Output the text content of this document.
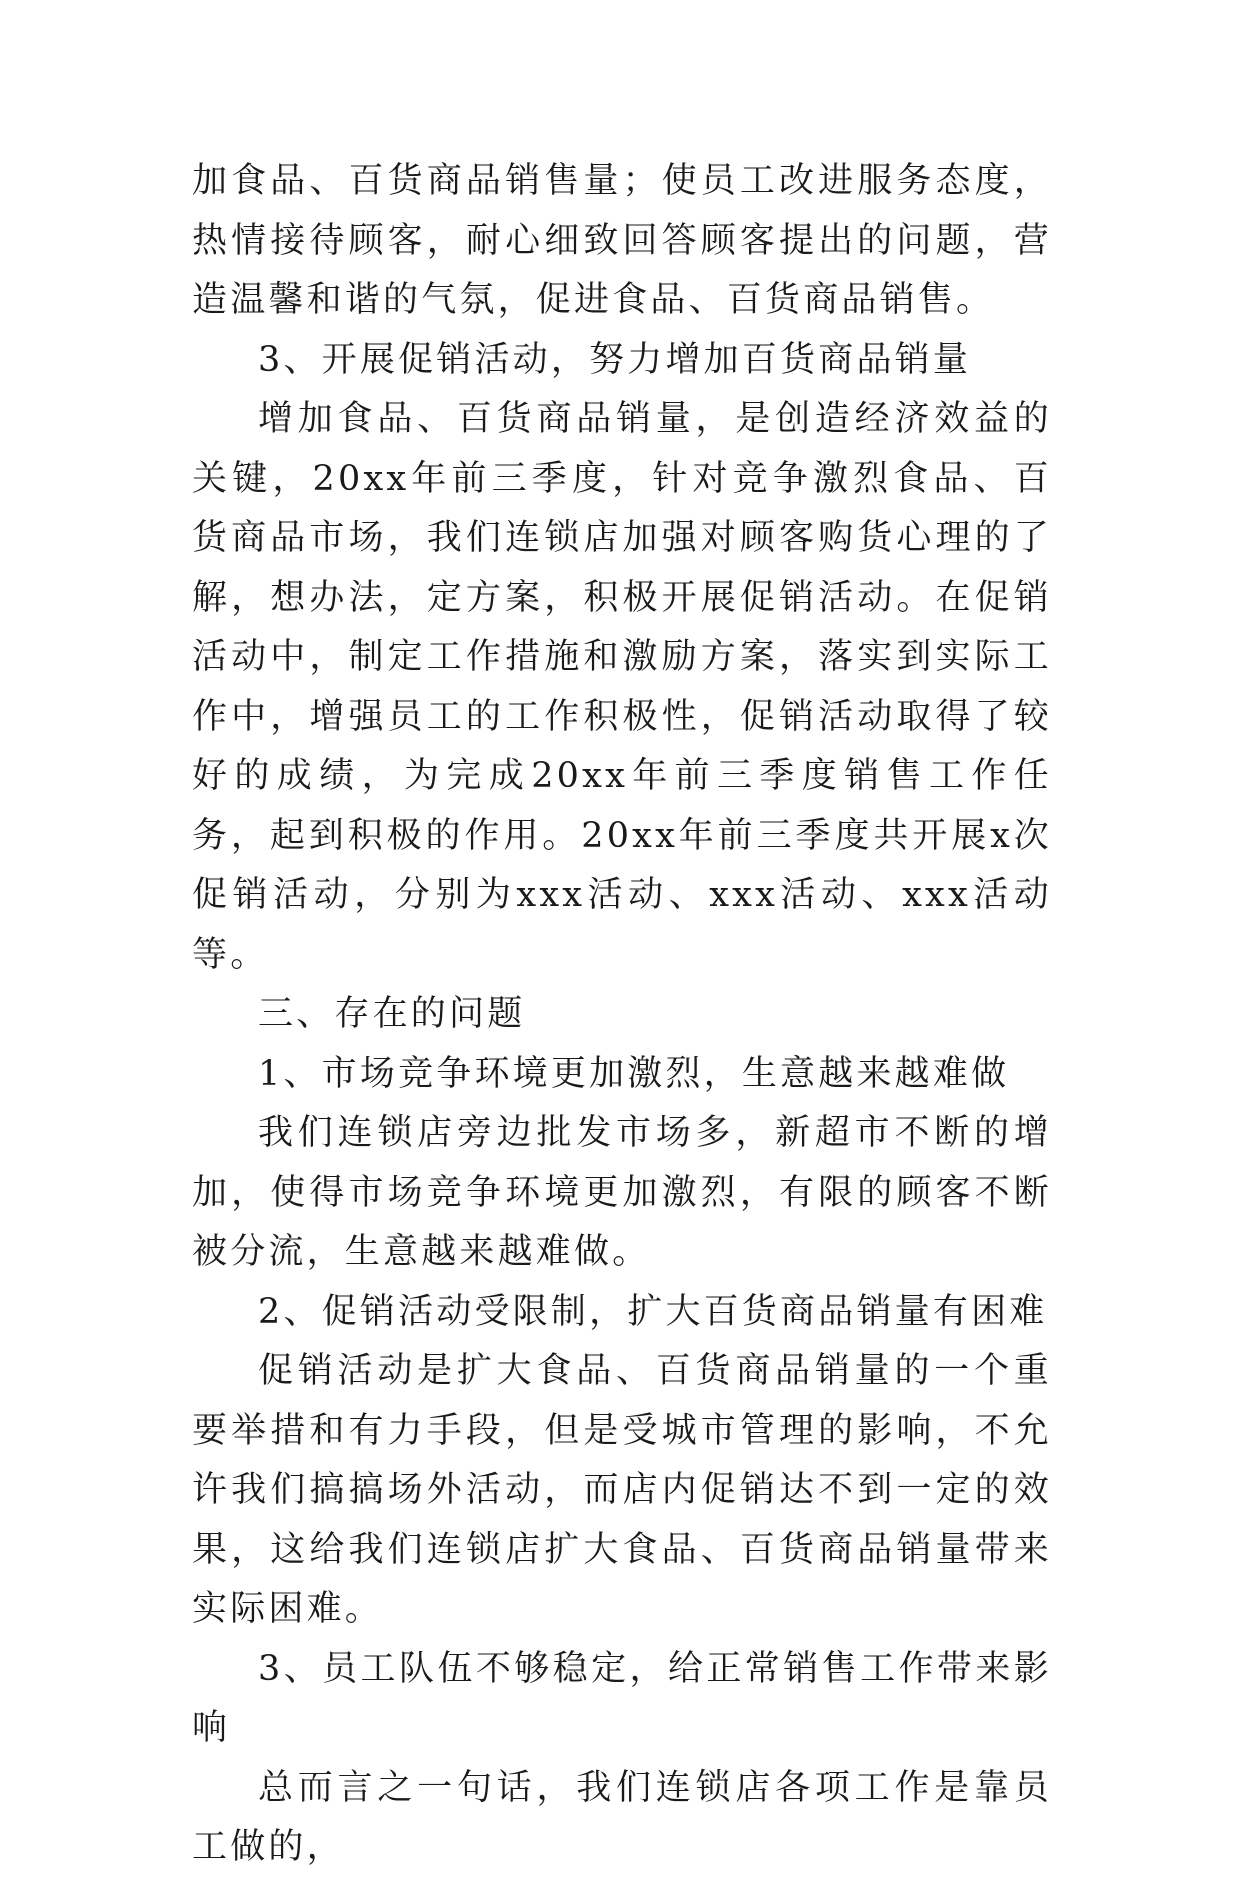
加食品、百货商品销售量；使员工改进服务态度，热情接待顾客，耐心细致回答顾客提出的问题，营造温馨和谐的气氛，促进食品、百货商品销售。

3、开展促销活动，努力增加百货商品销量

增加食品、百货商品销量，是创造经济效益的关键，20xx年前三季度，针对竞争激烈食品、百货商品市场，我们连锁店加强对顾客购货心理的了解，想办法，定方案，积极开展促销活动。在促销活动中，制定工作措施和激励方案，落实到实际工作中，增强员工的工作积极性，促销活动取得了较好的成绩，为完成20xx年前三季度销售工作任务，起到积极的作用。20xx年前三季度共开展x次促销活动，分别为xxx活动、xxx活动、xxx活动等。

三、存在的问题

1、市场竞争环境更加激烈，生意越来越难做

我们连锁店旁边批发市场多，新超市不断的增加，使得市场竞争环境更加激烈，有限的顾客不断被分流，生意越来越难做。

2、促销活动受限制，扩大百货商品销量有困难

促销活动是扩大食品、百货商品销量的一个重要举措和有力手段，但是受城市管理的影响，不允许我们搞搞场外活动，而店内促销达不到一定的效果，这给我们连锁店扩大食品、百货商品销量带来实际困难。

3、员工队伍不够稳定，给正常销售工作带来影响

总而言之一句话，我们连锁店各项工作是靠员工做的，
